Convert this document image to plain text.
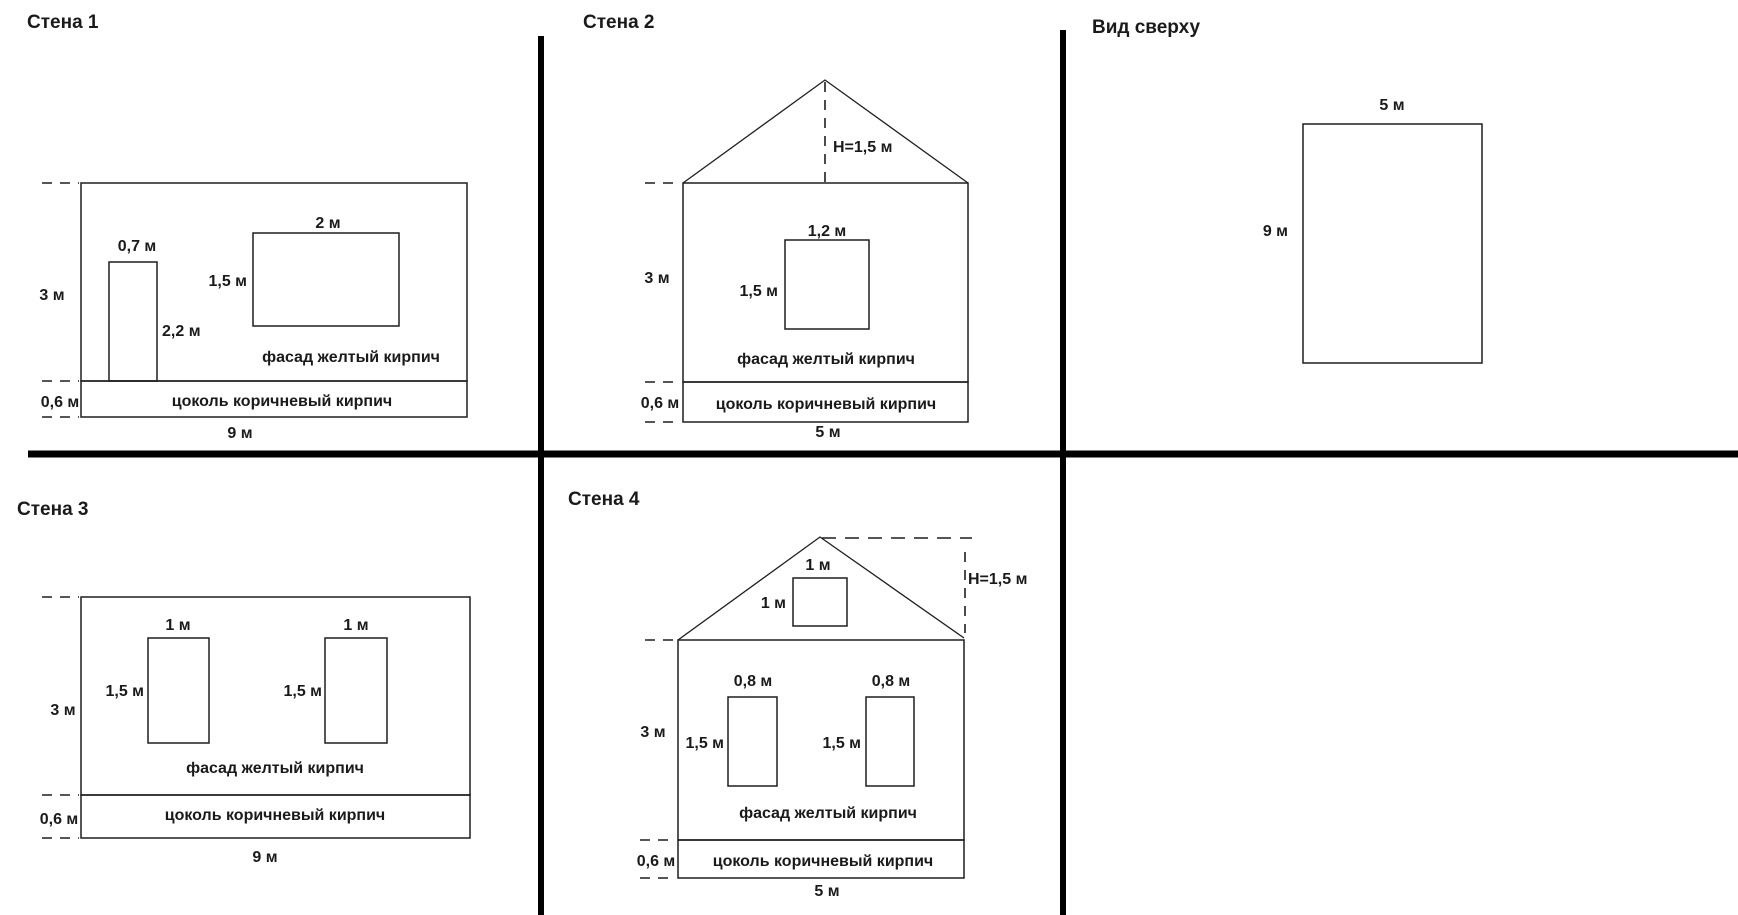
Стена 1
0,7 м
2,2 м
2 м
1,5 м
3 м
0,6 м
фасад желтый кирпич
цоколь коричневый кирпич
9 м
Стена 2
Н=1,5 м
1,2 м
1,5 м
3 м
0,6 м
фасад желтый кирпич
цоколь коричневый кирпич
5 м
Вид сверху
5 м
9 м
Стена 3
1 м	1 м
1,5 м	1,5 м
3 м
0,6 м
фасад желтый кирпич
цоколь коричневый кирпич
9 м
Стена 4
1 м
1 м
Н=1,5 м
0,8 м	0,8 м
1,5 м	1,5 м
3 м
0,6 м
фасад желтый кирпич
цоколь коричневый кирпич
5 м
